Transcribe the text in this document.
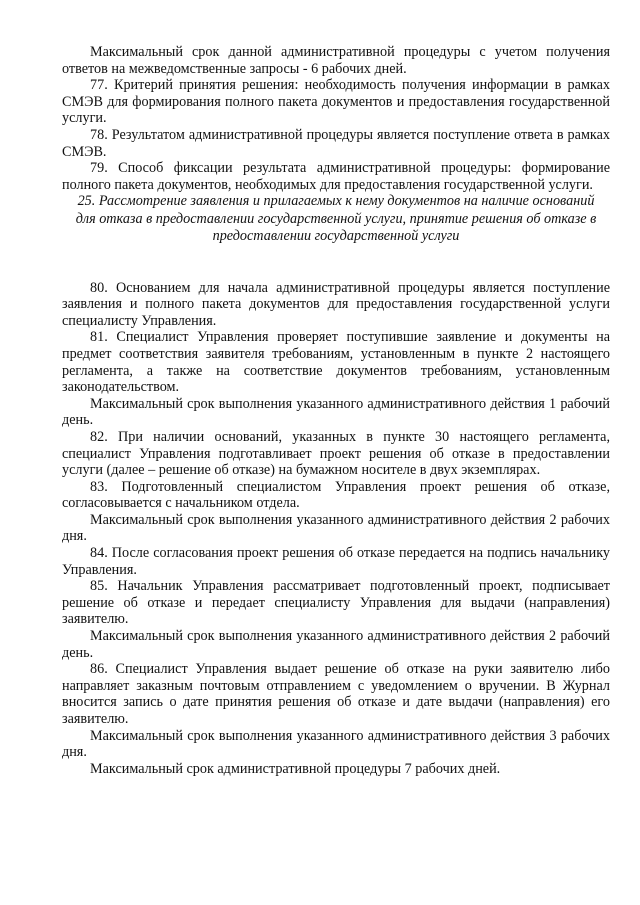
Максимальный срок данной административной процедуры с учетом получения ответов на межведомственные запросы - 6 рабочих дней.

77. Критерий принятия решения: необходимость получения информации в рамках СМЭВ для формирования полного пакета документов и предоставления государственной услуги.

78. Результатом административной процедуры является поступление ответа в рамках СМЭВ.

79. Способ фиксации результата административной процедуры: формирование полного пакета документов, необходимых для предоставления государственной услуги.

25. Рассмотрение заявления и прилагаемых к нему документов на наличие оснований для отказа в предоставлении государственной услуги, принятие решения об отказе в предоставлении государственной услуги

80. Основанием для начала административной процедуры является поступление заявления и полного пакета документов для предоставления государственной услуги специалисту Управления.

81. Специалист Управления проверяет поступившие заявление и документы на предмет соответствия заявителя требованиям, установленным в пункте 2 настоящего регламента, а также на соответствие документов требованиям, установленным законодательством.

Максимальный срок выполнения указанного административного действия 1 рабочий день.

82. При наличии оснований, указанных в пункте 30 настоящего регламента, специалист Управления подготавливает проект решения об отказе в предоставлении услуги (далее – решение об отказе) на бумажном носителе в двух экземплярах.

83. Подготовленный специалистом Управления проект решения об отказе, согласовывается с начальником отдела.

Максимальный срок выполнения указанного административного действия 2 рабочих дня.

84. После согласования проект решения об отказе передается на подпись начальнику Управления.

85. Начальник Управления рассматривает подготовленный проект, подписывает решение об отказе и передает специалисту Управления для выдачи (направления) заявителю.

Максимальный срок выполнения указанного административного действия 2 рабочий день.

86. Специалист Управления выдает решение об отказе на руки заявителю либо направляет заказным почтовым отправлением с уведомлением о вручении. В Журнал вносится запись о дате принятия решения об отказе и дате выдачи (направления) его заявителю.

Максимальный срок выполнения указанного административного действия 3 рабочих дня.

Максимальный срок административной процедуры 7 рабочих дней.
